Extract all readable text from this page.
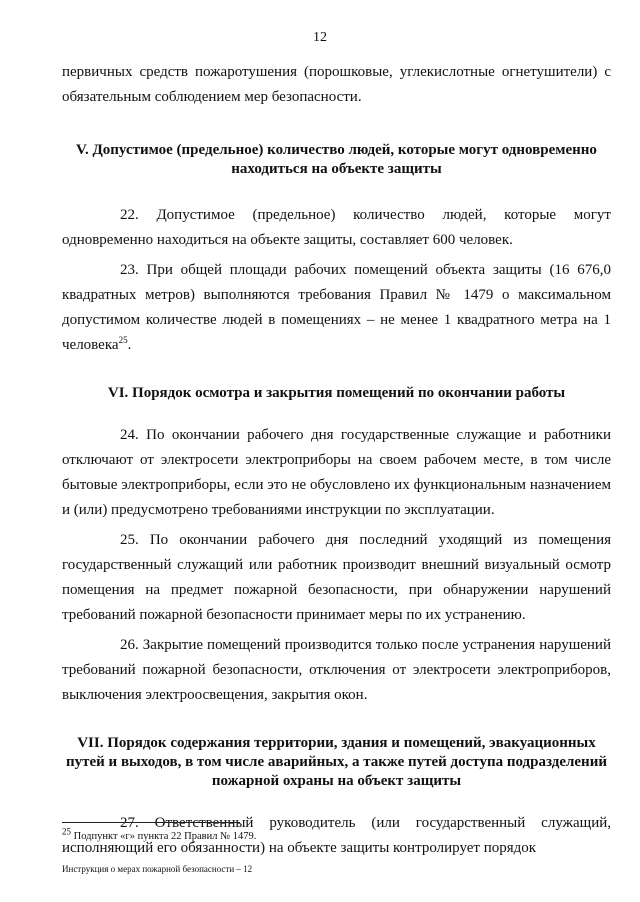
12

первичных средств пожаротушения (порошковые, углекислотные огнетушители) с обязательным соблюдением мер безопасности.

V. Допустимое (предельное) количество людей, которые могут одновременно находиться на объекте защиты

22. Допустимое (предельное) количество людей, которые могут одновременно находиться на объекте защиты, составляет 600 человек.

23. При общей площади рабочих помещений объекта защиты (16 676,0 квадратных метров) выполняются требования Правил № 1479 о максимальном допустимом количестве людей в помещениях – не менее 1 квадратного метра на 1 человека$^{25}$.

VI. Порядок осмотра и закрытия помещений по окончании работы

24. По окончании рабочего дня государственные служащие и работники отключают от электросети электроприборы на своем рабочем месте, в том числе бытовые электроприборы, если это не обусловлено их функциональным назначением и (или) предусмотрено требованиями инструкции по эксплуатации.

25. По окончании рабочего дня последний уходящий из помещения государственный служащий или работник производит внешний визуальный осмотр помещения на предмет пожарной безопасности, при обнаружении нарушений требований пожарной безопасности принимает меры по их устранению.

26. Закрытие помещений производится только после устранения нарушений требований пожарной безопасности, отключения от электросети электроприборов, выключения электроосвещения, закрытия окон.

VII. Порядок содержания территории, здания и помещений, эвакуационных путей и выходов, в том числе аварийных, а также путей доступа подразделений пожарной охраны на объект защиты

27. Ответственный руководитель (или государственный служащий, исполняющий его обязанности) на объекте защиты контролирует порядок

$^{25}$ Подпункт «г» пункта 22 Правил № 1479.
Инструкция о мерах пожарной безопасности – 12
